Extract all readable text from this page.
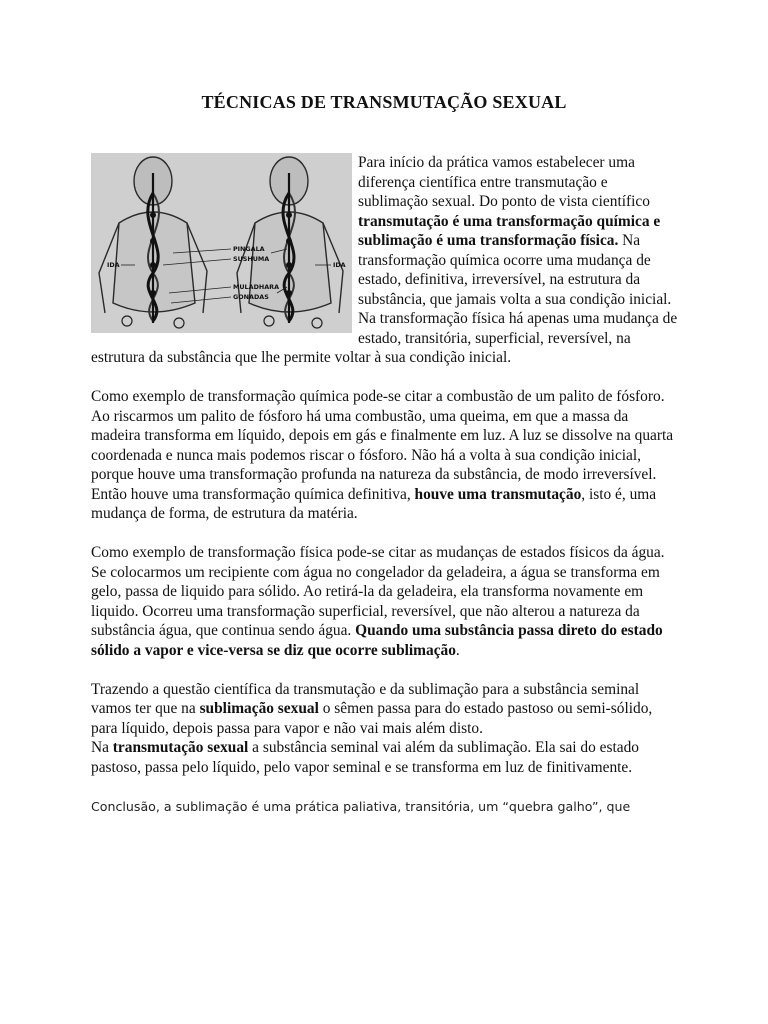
TÉCNICAS DE TRANSMUTAÇÃO SEXUAL
PINGALA
SUSHUMA
IDA
MULADHARA
GONADAS
IDA

Para início da prática vamos estabelecer uma diferença científica entre transmutação e sublimação sexual. Do ponto de vista científico transmutação é uma transformação química e sublimação é uma transformação física. Na transformação química ocorre uma mudança de estado, definitiva, irreversível, na estrutura da substância, que jamais volta a sua condição inicial. Na transformação física há apenas uma mudança de estado, transitória, superficial, reversível, na estrutura da substância que lhe permite voltar à sua condição inicial.

Como exemplo de transformação química pode-se citar a combustão de um palito de fósforo. Ao riscarmos um palito de fósforo há uma combustão, uma queima, em que a massa da madeira transforma em líquido, depois em gás e finalmente em luz. A luz se dissolve na quarta coordenada e nunca mais podemos riscar o fósforo. Não há a volta à sua condição inicial, porque houve uma transformação profunda na natureza da substância, de modo irreversível. Então houve uma transformação química definitiva, houve uma transmutação, isto é, uma mudança de forma, de estrutura da matéria.

Como exemplo de transformação física pode-se citar as mudanças de estados físicos da água. Se colocarmos um recipiente com água no congelador da geladeira, a água se transforma em gelo, passa de liquido para sólido. Ao retirá-la da geladeira, ela transforma novamente em liquido. Ocorreu uma transformação superficial, reversível, que não alterou a natureza da substância água, que continua sendo água. Quando uma substância passa direto do estado sólido a vapor e vice-versa se diz que ocorre sublimação.

Trazendo a questão científica da transmutação e da sublimação para a substância seminal vamos ter que na sublimação sexual o sêmen passa para do estado pastoso ou semi-sólido, para líquido, depois passa para vapor e não vai mais além disto.
Na transmutação sexual a substância seminal vai além da sublimação. Ela sai do estado pastoso, passa pelo líquido, pelo vapor seminal e se transforma em luz de finitivamente.

Conclusão, a sublimação é uma prática paliativa, transitória, um “quebra galho”, que
